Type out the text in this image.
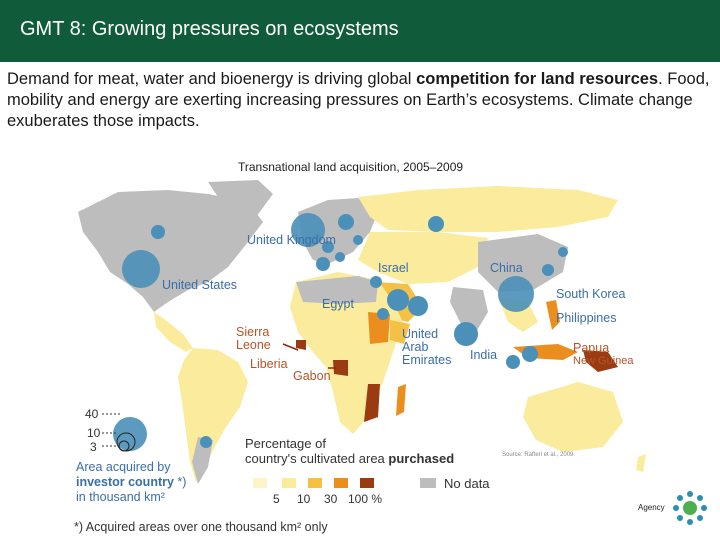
GMT 8: Growing pressures on ecosystems
Demand for meat, water and bioenergy is driving global competition for land resources. Food, mobility and energy are exerting increasing pressures on Earth’s ecosystems. Climate change exuberates those impacts.
Transnational land acquisition, 2005–2009
United Kingdom
United States
Israel	China
South Korea
Egypt
Philippines
Sierra Leone
United Arab Emirates	India	Papua
New Guinea
Liberia
Gabon
40
10
3
Area acquired by
investor country *)
in thousand km²
Percentage of
country's cultivated area purchased
5 10 30 100 %
No data
Source: Rafterl et al., 2009
*) Acquired areas over one thousand km² only
Agency
